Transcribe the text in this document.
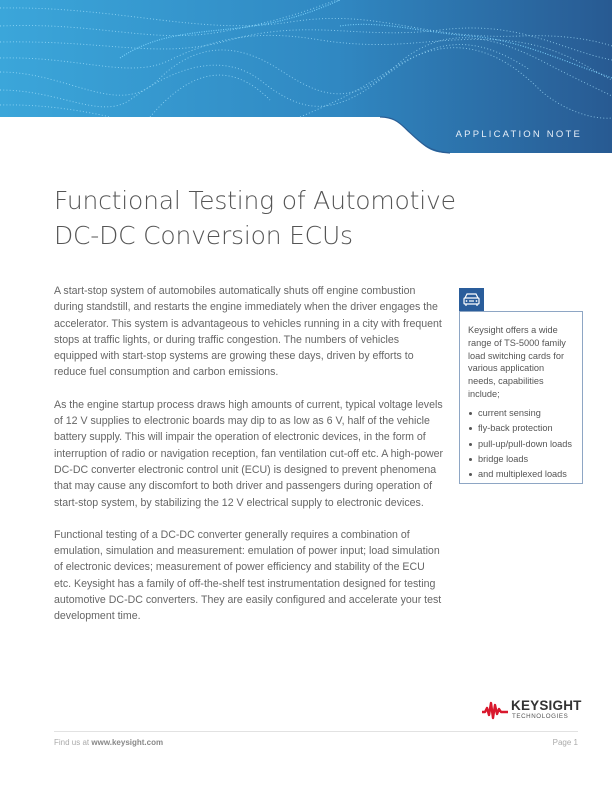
APPLICATION NOTE
Functional Testing of Automotive
DC-DC Conversion ECUs

A start-stop system of automobiles automatically shuts off engine combustion during standstill, and restarts the engine immediately when the driver engages the accelerator. This system is advantageous to vehicles running in a city with frequent stops at traffic lights, or during traffic congestion. The numbers of vehicles equipped with start-stop systems are growing these days, driven by efforts to reduce fuel consumption and carbon emissions.

As the engine startup process draws high amounts of current, typical voltage levels of 12 V supplies to electronic boards may dip to as low as 6 V, half of the vehicle battery supply. This will impair the operation of electronic devices, in the form of interruption of radio or navigation reception, fan ventilation cut-off etc. A high-power DC-DC converter electronic control unit (ECU) is designed to prevent phenomena that may cause any discomfort to both driver and passengers during operation of start-stop system, by stabilizing the 12 V electrical supply to electronic devices.

Functional testing of a DC-DC converter generally requires a combination of emulation, simulation and measurement: emulation of power input; load simulation of electronic devices; measurement of power efficiency and stability of the ECU etc. Keysight has a family of off-the-shelf test instrumentation designed for testing automotive DC-DC converters. They are easily configured and accelerate your test development time.

Keysight offers a wide range of TS-5000 family load switching cards for various application needs, capabilities include;
current sensing
fly-back protection
pull-up/pull-down loads
bridge loads
and multiplexed loads
KEYSIGHT
TECHNOLOGIES
Find us at www.keysight.com	Page 1
